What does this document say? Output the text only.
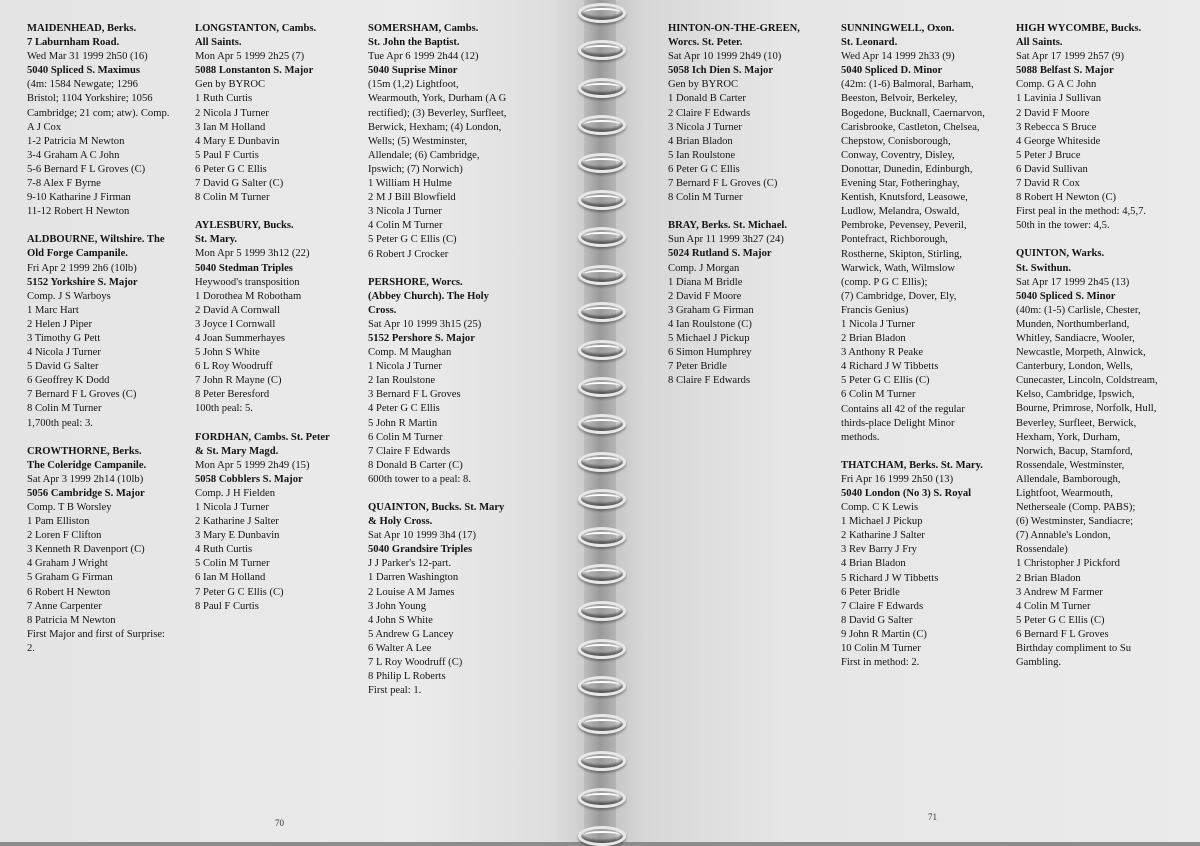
MAIDENHEAD, Berks.

7 Laburnham Road.

Wed Mar 31 1999 2h50 (16)

5040 Spliced S. Maximus

(4m: 1584 Newgate; 1296

Bristol; 1104 Yorkshire; 1056

Cambridge; 21 com; atw). Comp.

A J Cox

1-2 Patricia M Newton

3-4 Graham A C John

5-6 Bernard F L Groves (C)

7-8 Alex F Byrne

9-10 Katharine J Firman

11-12 Robert H Newton

ALDBOURNE, Wiltshire. The

Old Forge Campanile.

Fri Apr 2 1999 2h6 (10lb)

5152 Yorkshire S. Major

Comp. J S Warboys

1 Marc Hart

2 Helen J Piper

3 Timothy G Pett

4 Nicola J Turner

5 David G Salter

6 Geoffrey K Dodd

7 Bernard F L Groves (C)

8 Colin M Turner

1,700th peal: 3.

CROWTHORNE, Berks.

The Coleridge Campanile.

Sat Apr 3 1999 2h14 (10lb)

5056 Cambridge S. Major

Comp. T B Worsley

1 Pam Elliston

2 Loren F Clifton

3 Kenneth R Davenport (C)

4 Graham J Wright

5 Graham G Firman

6 Robert H Newton

7 Anne Carpenter

8 Patricia M Newton

First Major and first of Surprise:

2.

LONGSTANTON, Cambs.

All Saints.

Mon Apr 5 1999 2h25 (7)

5088 Lonstanton S. Major

Gen by BYROC

1 Ruth Curtis

2 Nicola J Turner

3 Ian M Holland

4 Mary E Dunbavin

5 Paul F Curtis

6 Peter G C Ellis

7 David G Salter (C)

8 Colin M Turner

AYLESBURY, Bucks.

St. Mary.

Mon Apr 5 1999 3h12 (22)

5040 Stedman Triples

Heywood's transposition

1 Dorothea M Robotham

2 David A Cornwall

3 Joyce I Cornwall

4 Joan Summerhayes

5 John S White

6 L Roy Woodruff

7 John R Mayne (C)

8 Peter Beresford

100th peal: 5.

FORDHAN, Cambs. St. Peter

& St. Mary Magd.

Mon Apr 5 1999 2h49 (15)

5058 Cobblers S. Major

Comp. J H Fielden

1 Nicola J Turner

2 Katharine J Salter

3 Mary E Dunbavin

4 Ruth Curtis

5 Colin M Turner

6 Ian M Holland

7 Peter G C Ellis (C)

8 Paul F Curtis

SOMERSHAM, Cambs.

St. John the Baptist.

Tue Apr 6 1999 2h44 (12)

5040 Suprise Minor

(15m (1,2) Lightfoot,

Wearmouth, York, Durham (A G

rectified); (3) Beverley, Surfleet,

Berwick, Hexham; (4) London,

Wells; (5) Westminster,

Allendale; (6) Cambridge,

Ipswich; (7) Norwich)

1 William H Hulme

2 M J Bill Blowfield

3 Nicola J Turner

4 Colin M Turner

5 Peter G C Ellis (C)

6 Robert J Crocker

PERSHORE, Worcs.

(Abbey Church). The Holy

Cross.

Sat Apr 10 1999 3h15 (25)

5152 Pershore S. Major

Comp. M Maughan

1 Nicola J Turner

2 Ian Roulstone

3 Bernard F L Groves

4 Peter G C Ellis

5 John R Martin

6 Colin M Turner

7 Claire F Edwards

8 Donald B Carter (C)

600th tower to a peal: 8.

QUAINTON, Bucks. St. Mary

& Holy Cross.

Sat Apr 10 1999 3h4 (17)

5040 Grandsire Triples

J J Parker's 12-part.

1 Darren Washington

2 Louise A M James

3 John Young

4 John S White

5 Andrew G Lancey

6 Walter A Lee

7 L Roy Woodruff (C)

8 Philip L Roberts

First peal: 1.

70

HINTON-ON-THE-GREEN,

Worcs. St. Peter.

Sat Apr 10 1999 2h49 (10)

5058 Ich Dien S. Major

Gen by BYROC

1 Donald B Carter

2 Claire F Edwards

3 Nicola J Turner

4 Brian Bladon

5 Ian Roulstone

6 Peter G C Ellis

7 Bernard F L Groves (C)

8 Colin M Turner

BRAY, Berks. St. Michael.

Sun Apr 11 1999 3h27 (24)

5024 Rutland S. Major

Comp. J Morgan

1 Diana M Bridle

2 David F Moore

3 Graham G Firman

4 Ian Roulstone (C)

5 Michael J Pickup

6 Simon Humphrey

7 Peter Bridle

8 Claire F Edwards

SUNNINGWELL, Oxon.

St. Leonard.

Wed Apr 14 1999 2h33 (9)

5040 Spliced D. Minor

(42m: (1-6) Balmoral, Barham,

Beeston, Belvoir, Berkeley,

Bogedone, Bucknall, Caernarvon,

Carisbrooke, Castleton, Chelsea,

Chepstow, Conisborough,

Conway, Coventry, Disley,

Donottar, Dunedin, Edinburgh,

Evening Star, Fotheringhay,

Kentish, Knutsford, Leasowe,

Ludlow, Melandra, Oswald,

Pembroke, Pevensey, Peveril,

Pontefract, Richborough,

Rostherne, Skipton, Stirling,

Warwick, Wath, Wilmslow

(comp. P G C Ellis);

(7) Cambridge, Dover, Ely,

Francis Genius)

1 Nicola J Turner

2 Brian Bladon

3 Anthony R Peake

4 Richard J W Tibbetts

5 Peter G C Ellis (C)

6 Colin M Turner

Contains all 42 of the regular

thirds-place Delight Minor

methods.

THATCHAM, Berks. St. Mary.

Fri Apr 16 1999 2h50 (13)

5040 London (No 3) S. Royal

Comp. C K Lewis

1 Michael J Pickup

2 Katharine J Salter

3 Rev Barry J Fry

4 Brian Bladon

5 Richard J W Tibbetts

6 Peter Bridle

7 Claire F Edwards

8 David G Salter

9 John R Martin (C)

10 Colin M Turner

First in method: 2.

HIGH WYCOMBE, Bucks.

All Saints.

Sat Apr 17 1999 2h57 (9)

5088 Belfast S. Major

Comp. G A C John

1 Lavinia J Sullivan

2 David F Moore

3 Rebecca S Bruce

4 George Whiteside

5 Peter J Bruce

6 David Sullivan

7 David R Cox

8 Robert H Newton (C)

First peal in the method: 4,5,7.

50th in the tower: 4,5.

QUINTON, Warks.

St. Swithun.

Sat Apr 17 1999 2h45 (13)

5040 Spliced S. Minor

(40m: (1-5) Carlisle, Chester,

Munden, Northumberland,

Whitley, Sandiacre, Wooler,

Newcastle, Morpeth, Alnwick,

Canterbury, London, Wells,

Cunecaster, Lincoln, Coldstream,

Kelso, Cambridge, Ipswich,

Bourne, Primrose, Norfolk, Hull,

Beverley, Surfleet, Berwick,

Hexham, York, Durham,

Norwich, Bacup, Stamford,

Rossendale, Westminster,

Allendale, Bamborough,

Lightfoot, Wearmouth,

Netherseale (Comp. PABS);

(6) Westminster, Sandiacre;

(7) Annable's London,

Rossendale)

1 Christopher J Pickford

2 Brian Bladon

3 Andrew M Farmer

4 Colin M Turner

5 Peter G C Ellis (C)

6 Bernard F L Groves

Birthday compliment to Su

Gambling.

71
